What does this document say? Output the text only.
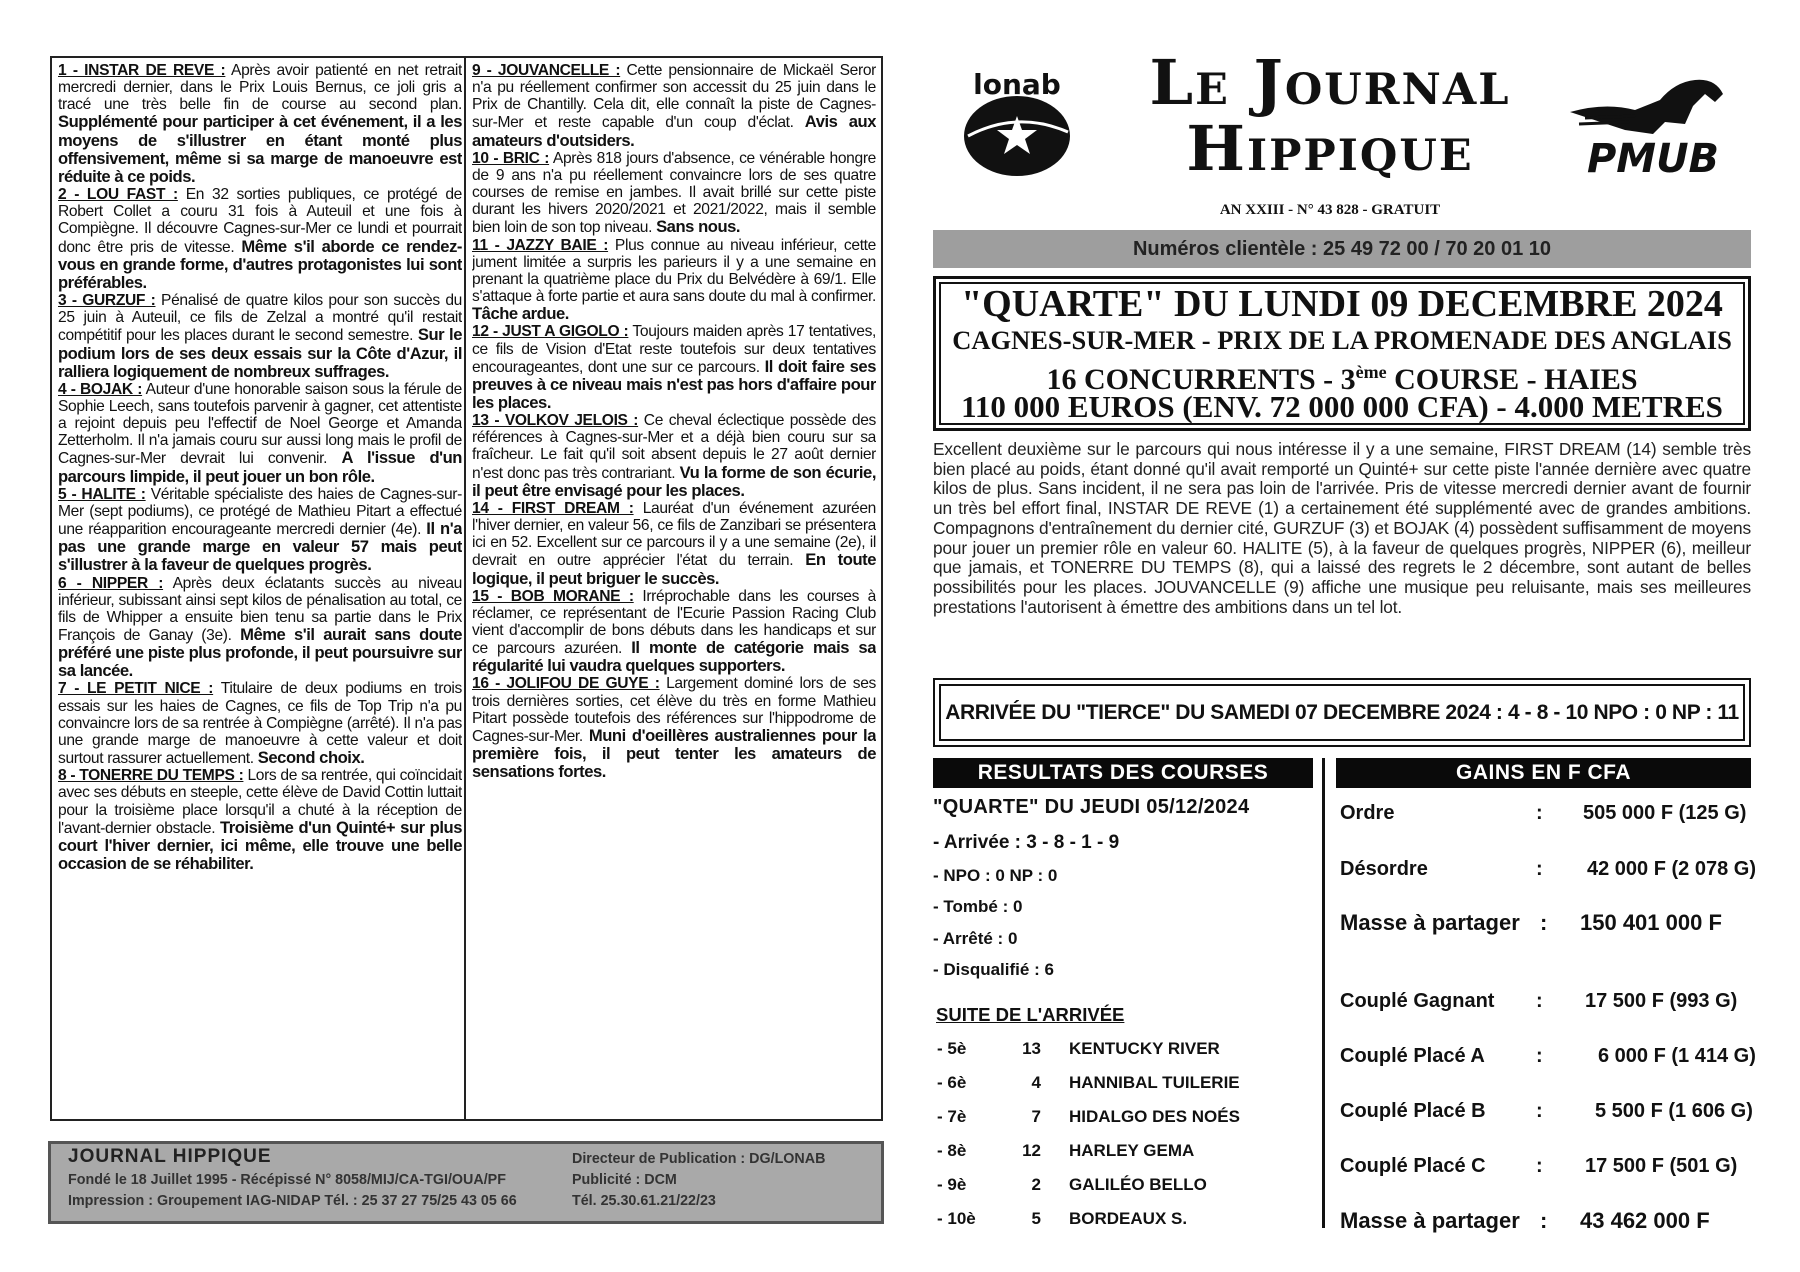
1 - INSTAR DE REVE : Après avoir patienté en net retrait mercredi dernier, dans le Prix Louis Bernus, ce joli gris a tracé une très belle fin de course au second plan. Supplémenté pour participer à cet événement, il a les moyens de s'illustrer en étant monté plus offensivement, même si sa marge de manoeuvre est réduite à ce poids.

2 - LOU FAST : En 32 sorties publiques, ce protégé de Robert Collet a couru 31 fois à Auteuil et une fois à Compiègne. Il découvre Cagnes-sur-Mer ce lundi et pourrait donc être pris de vitesse. Même s'il aborde ce rendez-vous en grande forme, d'autres protagonistes lui sont préférables.

3 - GURZUF : Pénalisé de quatre kilos pour son succès du 25 juin à Auteuil, ce fils de Zelzal a montré qu'il restait compétitif pour les places durant le second semestre. Sur le podium lors de ses deux essais sur la Côte d'Azur, il ralliera logiquement de nombreux suffrages.

4 - BOJAK : Auteur d'une honorable saison sous la férule de Sophie Leech, sans toutefois parvenir à gagner, cet attentiste a rejoint depuis peu l'effectif de Noel George et Amanda Zetterholm. Il n'a jamais couru sur aussi long mais le profil de Cagnes-sur-Mer devrait lui convenir. A l'issue d'un parcours limpide, il peut jouer un bon rôle.

5 - HALITE : Véritable spécialiste des haies de Cagnes-sur-Mer (sept podiums), ce protégé de Mathieu Pitart a effectué une réapparition encourageante mercredi dernier (4e). Il n'a pas une grande marge en valeur 57 mais peut s'illustrer à la faveur de quelques progrès.

6 - NIPPER : Après deux éclatants succès au niveau inférieur, subissant ainsi sept kilos de pénalisation au total, ce fils de Whipper a ensuite bien tenu sa partie dans le Prix François de Ganay (3e). Même s'il aurait sans doute préféré une piste plus profonde, il peut poursuivre sur sa lancée.

7 - LE PETIT NICE : Titulaire de deux podiums en trois essais sur les haies de Cagnes, ce fils de Top Trip n'a pu convaincre lors de sa rentrée à Compiègne (arrêté). Il n'a pas une grande marge de manoeuvre à cette valeur et doit surtout rassurer actuellement. Second choix.

8 - TONERRE DU TEMPS : Lors de sa rentrée, qui coïncidait avec ses débuts en steeple, cette élève de David Cottin luttait pour la troisième place lorsqu'il a chuté à la réception de l'avant-dernier obstacle. Troisième d'un Quinté+ sur plus court l'hiver dernier, ici même, elle trouve une belle occasion de se réhabiliter.

9 - JOUVANCELLE : Cette pensionnaire de Mickaël Seror n'a pu réellement confirmer son accessit du 25 juin dans le Prix de Chantilly. Cela dit, elle connaît la piste de Cagnes-sur-Mer et reste capable d'un coup d'éclat. Avis aux amateurs d'outsiders.

10 - BRIC : Après 818 jours d'absence, ce vénérable hongre de 9 ans n'a pu réellement convaincre lors de ses quatre courses de remise en jambes. Il avait brillé sur cette piste durant les hivers 2020/2021 et 2021/2022, mais il semble bien loin de son top niveau. Sans nous.

11 - JAZZY BAIE : Plus connue au niveau inférieur, cette jument limitée a surpris les parieurs il y a une semaine en prenant la quatrième place du Prix du Belvédère à 69/1. Elle s'attaque à forte partie et aura sans doute du mal à confirmer. Tâche ardue.

12 - JUST A GIGOLO : Toujours maiden après 17 tentatives, ce fils de Vision d'Etat reste toutefois sur deux tentatives encourageantes, dont une sur ce parcours. Il doit faire ses preuves à ce niveau mais n'est pas hors d'affaire pour les places.

13 - VOLKOV JELOIS : Ce cheval éclectique possède des références à Cagnes-sur-Mer et a déjà bien couru sur sa fraîcheur. Le fait qu'il soit absent depuis le 27 août dernier n'est donc pas très contrariant. Vu la forme de son écurie, il peut être envisagé pour les places.

14 - FIRST DREAM : Lauréat d'un événement azuréen l'hiver dernier, en valeur 56, ce fils de Zanzibari se présentera ici en 52. Excellent sur ce parcours il y a une semaine (2e), il devrait en outre apprécier l'état du terrain. En toute logique, il peut briguer le succès.

15 - BOB MORANE : Irréprochable dans les courses à réclamer, ce représentant de l'Ecurie Passion Racing Club vient d'accomplir de bons débuts dans les handicaps et sur ce parcours azuréen. Il monte de catégorie mais sa régularité lui vaudra quelques supporters.

16 - JOLIFOU DE GUYE : Largement dominé lors de ses trois dernières sorties, cet élève du très en forme Mathieu Pitart possède toutefois des références sur l'hippodrome de Cagnes-sur-Mer. Muni d'oeillères australiennes pour la première fois, il peut tenter les amateurs de sensations fortes.

JOURNAL HIPPIQUE
Fondé le 18 Juillet 1995 - Récépissé N° 8058/MIJ/CA-TGI/OUA/PF
Impression : Groupement IAG-NIDAP Tél. : 25 37 27 75/25 43 05 66
Directeur de Publication : DG/LONAB
Publicité : DCM
Tél. 25.30.61.21/22/23
lonab	Le Journal
Hippique
AN XXIII - N° 43 828 - GRATUIT
PMUB
Numéros clientèle : 25 49 72 00 / 70 20 01 10
"QUARTE" DU LUNDI 09 DECEMBRE 2024
CAGNES-SUR-MER - PRIX DE LA PROMENADE DES ANGLAIS
16 CONCURRENTS - 3ème COURSE - HAIES
110 000 EUROS (ENV. 72 000 000 CFA) - 4.000 METRES
Excellent deuxième sur le parcours qui nous intéresse il y a une semaine, FIRST DREAM (14) semble très bien placé au poids, étant donné qu'il avait remporté un Quinté+ sur cette piste l'année dernière avec quatre kilos de plus. Sans incident, il ne sera pas loin de l'arrivée. Pris de vitesse mercredi dernier avant de fournir un très bel effort final, INSTAR DE REVE (1) a certainement été supplémenté avec de grandes ambitions. Compagnons d'entraînement du dernier cité, GURZUF (3) et BOJAK (4) possèdent suffisamment de moyens pour jouer un premier rôle en valeur 60. HALITE (5), à la faveur de quelques progrès, NIPPER (6), meilleur que jamais, et TONERRE DU TEMPS (8), qui a laissé des regrets le 2 décembre, sont autant de belles possibilités pour les places. JOUVANCELLE (9) affiche une musique peu reluisante, mais ses meilleures prestations l'autorisent à émettre des ambitions dans un tel lot.
ARRIVÉE DU "TIERCE" DU SAMEDI 07 DECEMBRE 2024 : 4 - 8 - 10 NPO : 0 NP : 11
RESULTATS DES COURSES
"QUARTE" DU JEUDI 05/12/2024
- Arrivée : 3 - 8 - 1 - 9
- NPO : 0 NP : 0
- Tombé : 0
- Arrêté : 0
- Disqualifié : 6
SUITE DE L'ARRIVÉE
- 5è	13 KENTUCKY RIVER
- 6è	4 HANNIBAL TUILERIE
- 7è	7 HIDALGO DES NOÉS
- 8è	12 HARLEY GEMA
- 9è	2 GALILÉO BELLO
- 10è	5 BORDEAUX S.
GAINS EN F CFA
Ordre	: 505 000 F (125 G)
Désordre	: 42 000 F (2 078 G)
Masse à partager : 150 401 000 F
Couplé Gagnant : 17 500 F (993 G)
Couplé Placé A	:	6 000 F (1 414 G)
Couplé Placé B	:	5 500 F (1 606 G)
Couplé Placé C	: 17 500 F (501 G)
Masse à partager : 43 462 000 F
